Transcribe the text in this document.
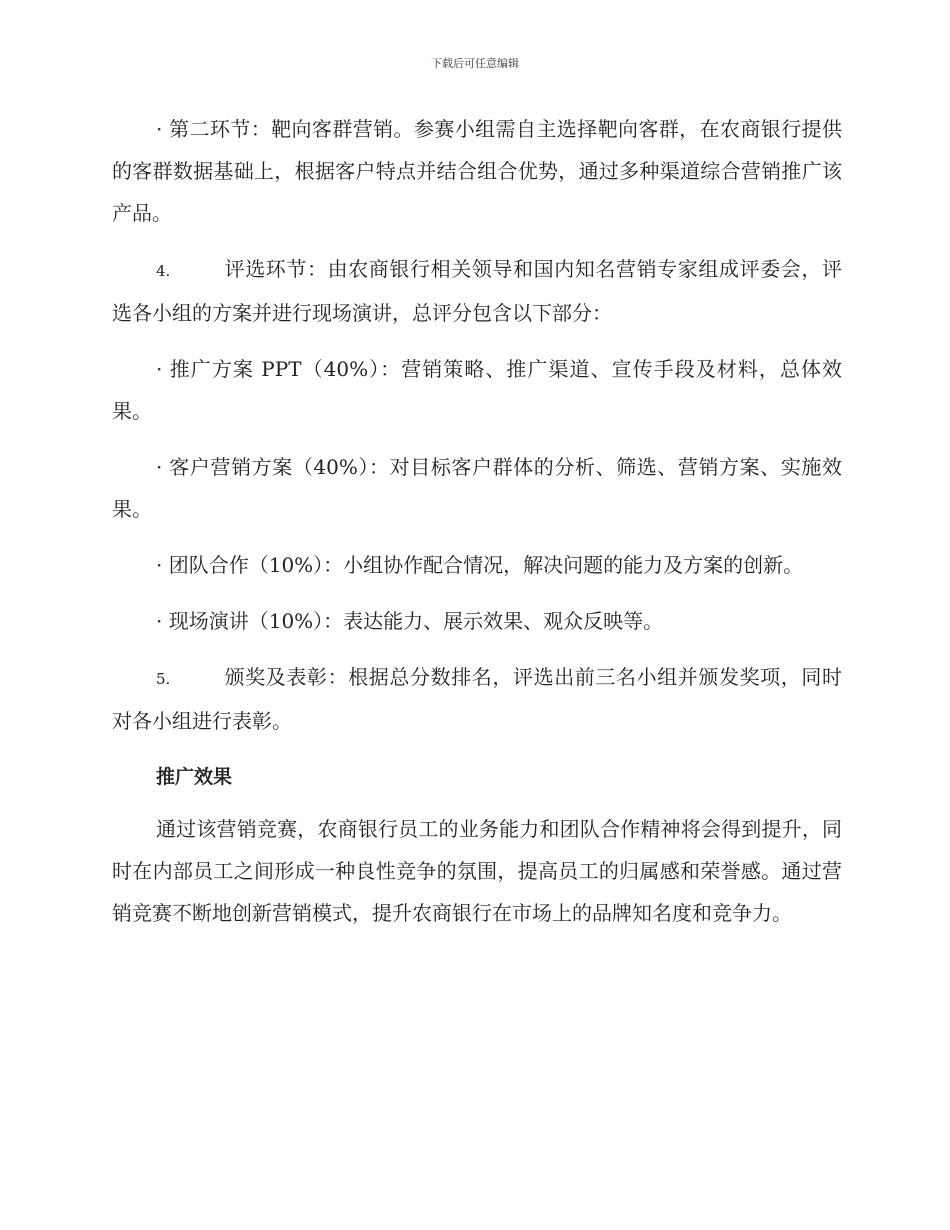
下载后可任意编辑

· 第二环节：靶向客群营销。参赛小组需自主选择靶向客群，在农商银行提供的客群数据基础上，根据客户特点并结合组合优势，通过多种渠道综合营销推广该产品。

4.	评选环节：由农商银行相关领导和国内知名营销专家组成评委会，评选各小组的方案并进行现场演讲，总评分包含以下部分：

· 推广方案 PPT（40%）：营销策略、推广渠道、宣传手段及材料，总体效果。

· 客户营销方案（40%）：对目标客户群体的分析、筛选、营销方案、实施效果。

· 团队合作（10%）：小组协作配合情况，解决问题的能力及方案的创新。

· 现场演讲（10%）：表达能力、展示效果、观众反映等。

5.	颁奖及表彰：根据总分数排名，评选出前三名小组并颁发奖项，同时对各小组进行表彰。

推广效果

通过该营销竞赛，农商银行员工的业务能力和团队合作精神将会得到提升，同时在内部员工之间形成一种良性竞争的氛围，提高员工的归属感和荣誉感。通过营销竞赛不断地创新营销模式，提升农商银行在市场上的品牌知名度和竞争力。
